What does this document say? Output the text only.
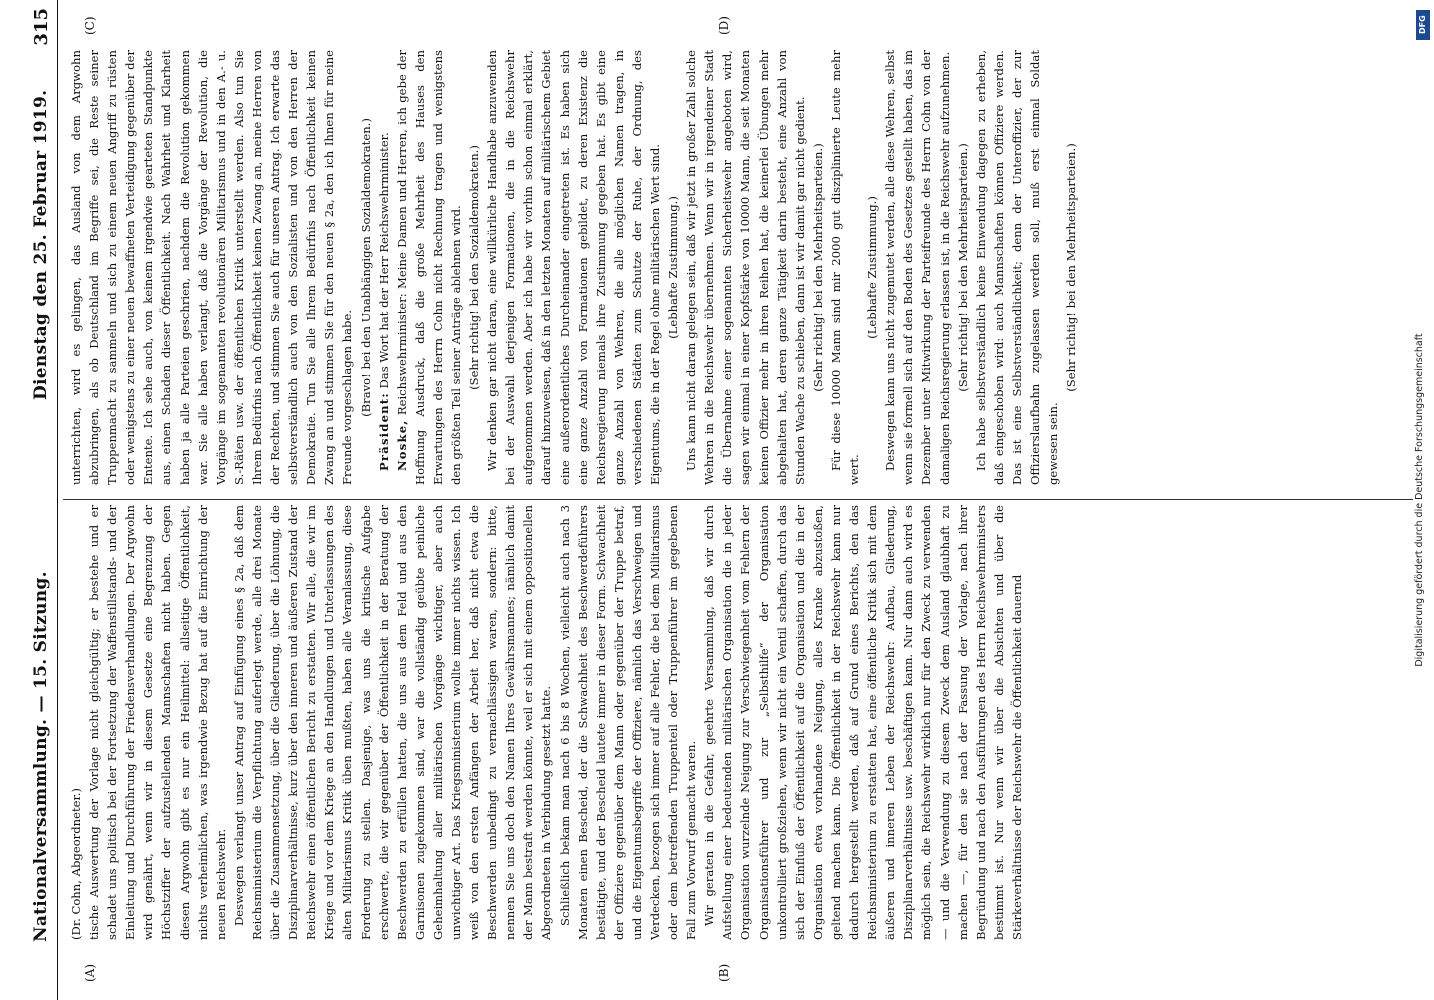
Nationalversammlung. — 15. Sitzung.
Dienstag den 25. Februar 1919.
315
(A)	(B)
(C)	(D)

(Dr. Cohn, Abgeordneter.) tische Auswertung der Vorlage nicht gleichgültig; er bestehe und er schadet uns politisch bei der Fortsetzung der Waffenstillstands- und der Einleitung und Durchführung der Friedensverhandlungen. Der Argwohn wird genährt, wenn wir in diesem Gesetze eine Begrenzung der Höchstziffer der aufzustellenden Mannschaften nicht haben. Gegen diesen Argwohn gibt es nur ein Heilmittel: allseitige Öffentlichkeit, nichts verheimlichen, was irgendwie Bezug hat auf die Einrichtung der neuen Reichswehr. Deswegen verlangt unser Antrag auf Einfügung eines § 2a, daß dem Reichsministerium die Verpflichtung auferlegt werde, alle drei Monate über die Zusammensetzung, über die Gliederung, über die Löhnung, die Disziplinarverhältnisse, kurz über den inneren und äußeren Zustand der Reichswehr einen öffentlichen Bericht zu erstatten. Wir alle, die wir im Kriege und vor dem Kriege an den Handlungen und Unterlassungen des alten Militarismus Kritik üben mußten, haben alle Veranlassung, diese Forderung zu stellen. Dasjenige, was uns die kritische Aufgabe erschwerte, die wir gegenüber der Öffentlichkeit in der Beratung der Beschwerden zu erfüllen hatten, die uns aus dem Feld und aus den Garnisonen zugekommen sind, war die vollständig geübte peinliche Geheimhaltung aller militärischen Vorgänge wichtiger, aber auch unwichtiger Art. Das Kriegsministerium wollte immer nichts wissen. Ich weiß von den ersten Anfängen der Arbeit her, daß nicht etwa die Beschwerden unbedingt zu vernachlässigen waren, sondern: bitte, nennen Sie uns doch den Namen Ihres Gewährsmannes; nämlich damit der Mann bestraft werden könnte, weil er sich mit einem oppositionellen Abgeordneten in Verbindung gesetzt hatte. Schließlich bekam man nach 6 bis 8 Wochen, vielleicht auch nach 3 Monaten einen Bescheid, der die Schwachheit des Beschwerdeführers bestätigte, und der Bescheid lautete immer in dieser Form. Schwachheit der Offiziere gegenüber dem Mann oder gegenüber der Truppe betraf, und die Eigentumsbegriffe der Offiziere, nämlich das Verschweigen und Verdecken, bezogen sich immer auf alle Fehler, die bei dem Militarismus oder dem betreffenden Truppenteil oder Truppenführer im gegebenen Fall zum Vorwurf gemacht waren. Wir geraten in die Gefahr, geehrte Versammlung, daß wir durch Aufstellung einer bedeutenden militärischen Organisation die in jeder Organisation wurzelnde Neigung zur Verschwiegenheit vom Fehlern der Organisationsführer und zur „Selbsthilfe“ der Organisation unkontrolliert großziehen, wenn wir nicht ein Ventil schaffen, durch das sich der Einfluß der Öffentlichkeit auf die Organisation und die in der Organisation etwa vorhandene Neigung, alles Kranke abzustoßen, geltend machen kann. Die Öffentlichkeit in der Reichswehr kann nur dadurch hergestellt werden, daß auf Grund eines Berichts, den das Reichsministerium zu erstatten hat, eine öffentliche Kritik sich mit dem äußeren und inneren Leben der Reichswehr: Aufbau, Gliederung, Disziplinarverhältnisse usw. beschäftigen kann. Nur dann auch wird es möglich sein, die Reichswehr wirklich nur für den Zweck zu verwenden — und die Verwendung zu diesem Zweck dem Ausland glaubhaft zu machen —, für den sie nach der Fassung der Vorlage, nach ihrer Begründung und nach den Ausführungen des Herrn Reichswehrministers bestimmt ist. Nur wenn wir über die Absichten und über die Stärkeverhältnisse der Reichswehr die Öffentlichkeit dauernd

unterrichten, wird es gelingen, das Ausland von dem Argwohn abzubringen, als ob Deutschland im Begriffe sei, die Reste seiner Truppenmacht zu sammeln und sich zu einem neuen Angriff zu rüsten oder wenigstens zu einer neuen bewaffneten Verteidigung gegenüber der Entente. Ich sehe auch, von keinem irgendwie gearteten Standpunkte aus, einen Schaden dieser Öffentlichkeit. Nach Wahrheit und Klarheit haben ja alle Parteien geschrien, nachdem die Revolution gekommen war. Sie alle haben verlangt, daß die Vorgänge der Revolution, die Vorgänge im sogenannten revolutionären Militarismus und in den A.- u. S.-Räten usw. der öffentlichen Kritik unterstellt werden. Also tun Sie Ihrem Bedürfnis nach Öffentlichkeit keinen Zwang an, meine Herren von der Rechten, und stimmen Sie auch für unseren Antrag. Ich erwarte das selbstverständlich auch von den Sozialisten und von den Herren der Demokratie. Tun Sie alle Ihrem Bedürfnis nach Öffentlichkeit keinen Zwang an und stimmen Sie für den neuen § 2a, den ich Ihnen für meine Freunde vorgeschlagen habe. (Bravo! bei den Unabhängigen Sozialdemokraten.)

Präsident: Das Wort hat der Herr Reichswehrminister.

Noske, Reichswehrminister: Meine Damen und Herren, ich gebe der Hoffnung Ausdruck, daß die große Mehrheit des Hauses den Erwartungen des Herrn Cohn nicht Rechnung tragen und wenigstens den größten Teil seiner Anträge ablehnen wird. (Sehr richtig! bei den Sozialdemokraten.) Wir denken gar nicht daran, eine willkürliche Handhabe anzuwenden bei der Auswahl derjenigen Formationen, die in die Reichswehr aufgenommen werden. Aber ich habe wir vorhin schon einmal erklärt, darauf hinzuweisen, daß in den letzten Monaten auf militärischem Gebiet eine außerordentliches Durcheinander eingetreten ist. Es haben sich eine ganze Anzahl von Formationen gebildet, zu deren Existenz die Reichsregierung niemals ihre Zustimmung gegeben hat. Es gibt eine ganze Anzahl von Wehren, die alle möglichen Namen tragen, in verschiedenen Städten zum Schutze der Ruhe, der Ordnung, des Eigentums, die in der Regel ohne militärischen Wert sind. (Lebhafte Zustimmung.) Uns kann nicht daran gelegen sein, daß wir jetzt in großer Zahl solche Wehren in die Reichswehr übernehmen. Wenn wir in irgendeiner Stadt die Übernahme einer sogenannten Sicherheitswehr angeboten wird, sagen wir einmal in einer Kopfstärke von 10000 Mann, die seit Monaten keinen Offizier mehr in ihren Reihen hat, die keinerlei Übungen mehr abgehalten hat, deren ganze Tätigkeit darin besteht, eine Anzahl von Stunden Wache zu schieben, dann ist wir damit gar nicht gedient. (Sehr richtig! bei den Mehrheitsparteien.) Für diese 10000 Mann sind mir 2000 gut disziplinierte Leute mehr wert.

(Lebhafte Zustimmung.) Deswegen kann uns nicht zugemutet werden, alle diese Wehren, selbst wenn sie formell sich auf den Boden des Gesetzes gestellt haben, das im Dezember unter Mitwirkung der Parteifreunde des Herrn Cohn von der damaligen Reichsregierung erlassen ist, in die Reichswehr aufzunehmen. (Sehr richtig! bei den Mehrheitsparteien.) Ich habe selbstverständlich keine Einwendung dagegen zu erheben, daß eingeschoben wird: auch Mannschaften können Offiziere werden. Das ist eine Selbstverständlichkeit; denn der Unteroffizier, der zur Offizierslaufbahn zugelassen werden soll, muß erst einmal Soldat gewesen sein.

(Sehr richtig! bei den Mehrheitsparteien.)

DFG
Digitalisierung gefördert durch die Deutsche Forschungsgemeinschaft
